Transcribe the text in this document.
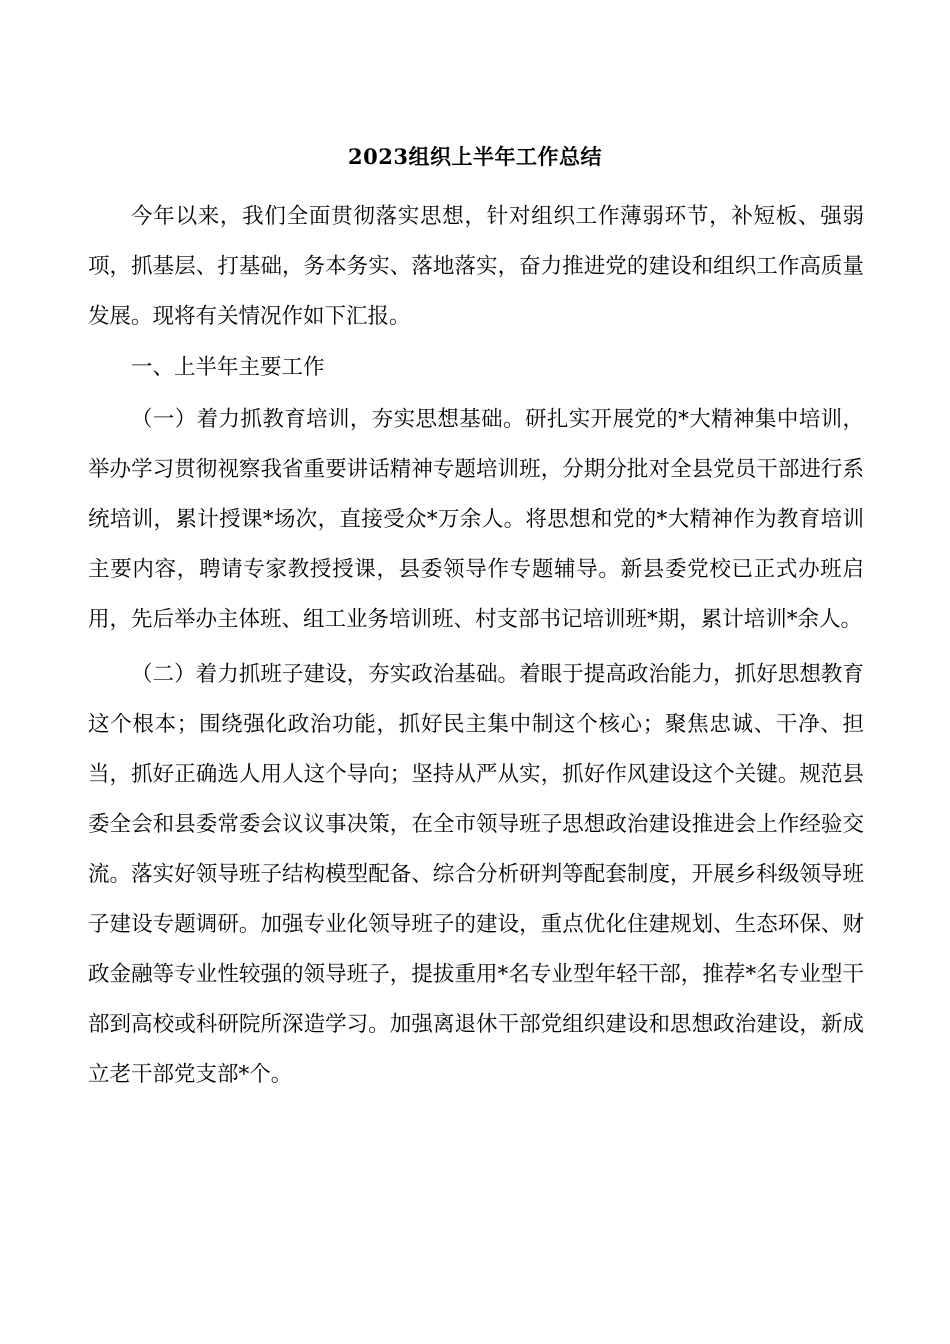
2023组织上半年工作总结

今年以来，我们全面贯彻落实思想，针对组织工作薄弱环节，补短板、强弱项，抓基层、打基础，务本务实、落地落实，奋力推进党的建设和组织工作高质量发展。现将有关情况作如下汇报。

一、上半年主要工作

（一）着力抓教育培训，夯实思想基础。研扎实开展党的*大精神集中培训，举办学习贯彻视察我省重要讲话精神专题培训班，分期分批对全县党员干部进行系统培训，累计授课*场次，直接受众*万余人。将思想和党的*大精神作为教育培训主要内容，聘请专家教授授课，县委领导作专题辅导。新县委党校已正式办班启用，先后举办主体班、组工业务培训班、村支部书记培训班*期，累计培训*余人。

（二）着力抓班子建设，夯实政治基础。着眼于提高政治能力，抓好思想教育这个根本；围绕强化政治功能，抓好民主集中制这个核心；聚焦忠诚、干净、担当，抓好正确选人用人这个导向；坚持从严从实，抓好作风建设这个关键。规范县委全会和县委常委会议议事决策，在全市领导班子思想政治建设推进会上作经验交流。落实好领导班子结构模型配备、综合分析研判等配套制度，开展乡科级领导班子建设专题调研。加强专业化领导班子的建设，重点优化住建规划、生态环保、财政金融等专业性较强的领导班子，提拔重用*名专业型年轻干部，推荐*名专业型干部到高校或科研院所深造学习。加强离退休干部党组织建设和思想政治建设，新成立老干部党支部*个。
